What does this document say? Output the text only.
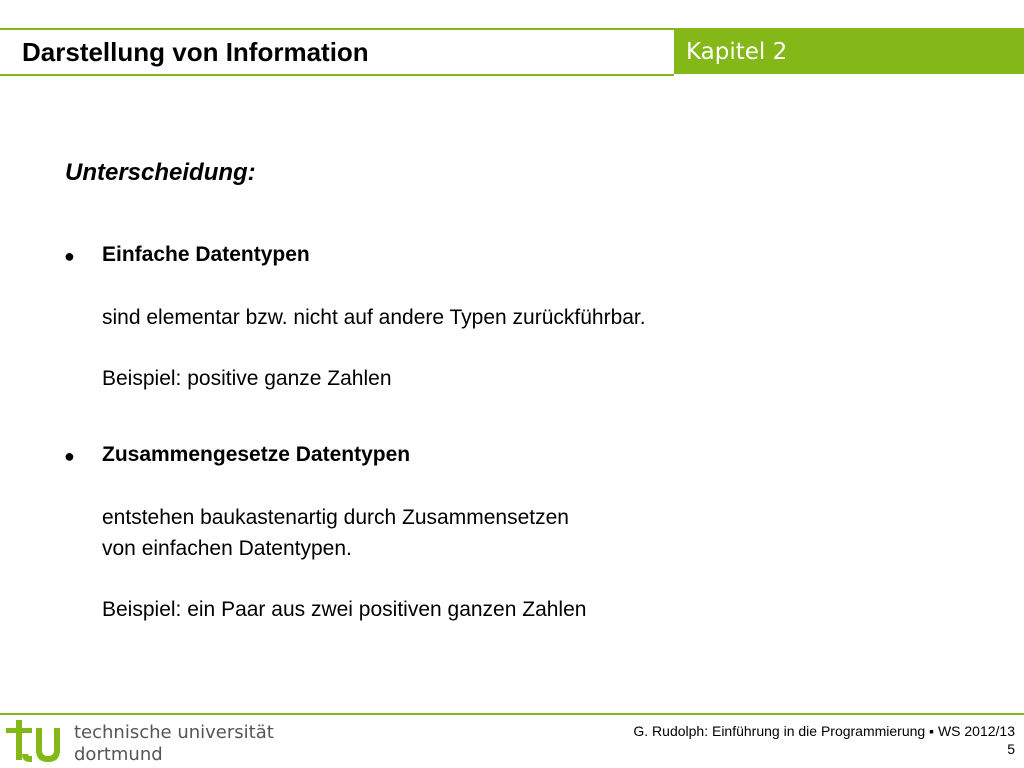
Darstellung von Information	Kapitel 2
Unterscheidung:
● Einfache Datentypen
sind elementar bzw. nicht auf andere Typen zurückführbar.
Beispiel: positive ganze Zahlen
● Zusammengesetze Datentypen
entstehen baukastenartig durch Zusammensetzen
von einfachen Datentypen.
Beispiel: ein Paar aus zwei positiven ganzen Zahlen
technische universität
dortmund
G. Rudolph: Einführung in die Programmierung ▪ WS 2012/13
5
